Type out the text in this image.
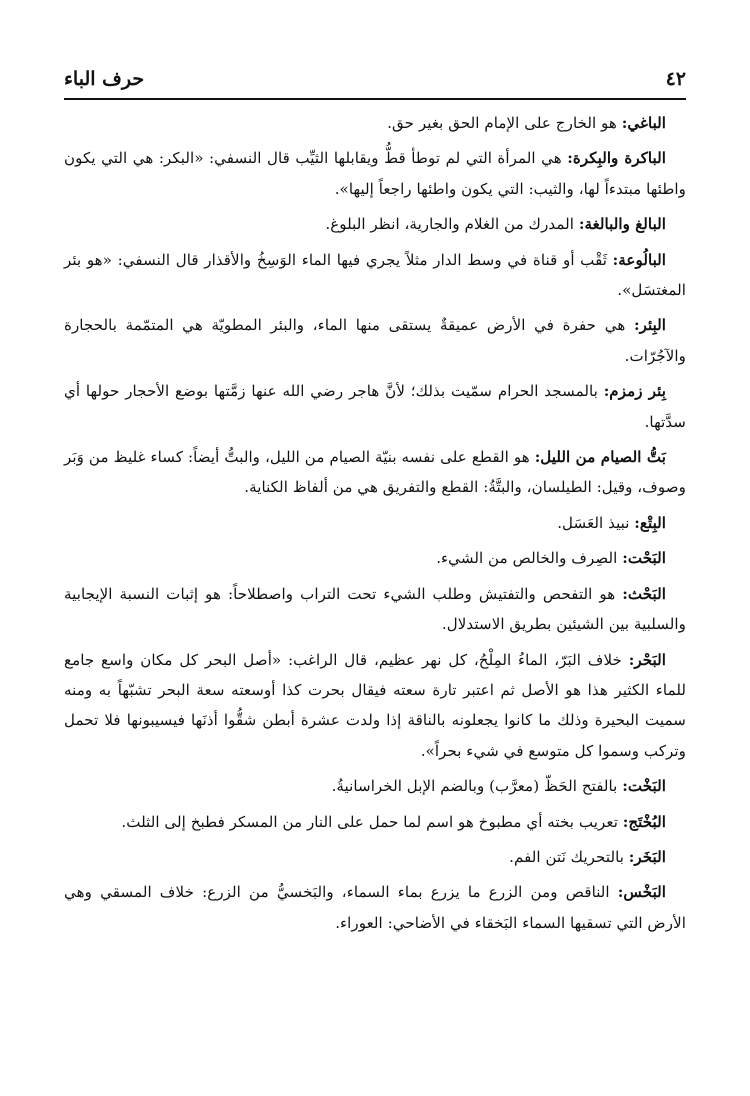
٤٢
حرف الباء

الباغي: هو الخارج على الإمام الحق بغير حق.

الباكرة والبِكرة: هي المرأة التي لم توطأ قطُّ ويقابلها الثيِّب قال النسفي: «البكر: هي التي يكون واطئها مبتدءاً لها، والثيب: التي يكون واطئها راجعاً إليها».

البالغ والبالغة: المدرك من الغلام والجارية، انظر البلوغ.

البالُوعة: ثَقْب أو قناة في وسط الدار مثلاً يجري فيها الماء الوَسِخُ والأقذار قال النسفي: «هو بئر المغتسَل».

البِئر: هي حفرة في الأرض عميقةٌ يستقى منها الماء، والبئر المطويّة هي المتمّمة بالحجارة والآجُرّات.

بِئر زمزم: بالمسجد الحرام سمّيت بذلك؛ لأنَّ هاجر رضي الله عنها زمَّتها بوضع الأحجار حولها أي سدَّتها.

بَتُّ الصيام من الليل: هو القطع على نفسه بنيّة الصيام من الليل، والبتُّ أيضاً: كساء غليظ من وَبَر وصوف، وقيل: الطيلسان، والبتَّةُ: القطع والتفريق هي من ألفاظ الكناية.

البِتْع: نبيذ العَسَل.

البَحْت: الصِرف والخالص من الشيء.

البَحْث: هو التفحص والتفتيش وطلب الشيء تحت التراب واصطلاحاً: هو إثبات النسبة الإيجابية والسلبية بين الشيئين بطريق الاستدلال.

البَحْر: خلاف البَرّ، الماءُ المِلْحُ، كل نهر عظيم، قال الراغب: «أصل البحر كل مكان واسع جامع للماء الكثير هذا هو الأصل ثم اعتبر تارة سعته فيقال بحرت كذا أوسعته سعة البحر تشبّهاً به ومنه سميت البحيرة وذلك ما كانوا يجعلونه بالناقة إذا ولدت عشرة أبطن شقُّوا أذنَها فيسيبونها فلا تحمل وتركب وسموا كل متوسع في شيء بحراً».

البَخْت: بالفتح الحَظّ (معرَّب) وبالضم الإبل الخراسانيةُ.

البُخْتَج: تعريب بخته أي مطبوخ هو اسم لما حمل على النار من المسكر فطبخ إلى الثلث.

البَخَر: بالتحريك نَتن الفم.

البَخْس: الناقص ومن الزرع ما يزرع بماء السماء، والبَخسيُّ من الزرع: خلاف المسقي وهي الأرض التي تسقيها السماء البَخقاء في الأضاحي: العوراء.
